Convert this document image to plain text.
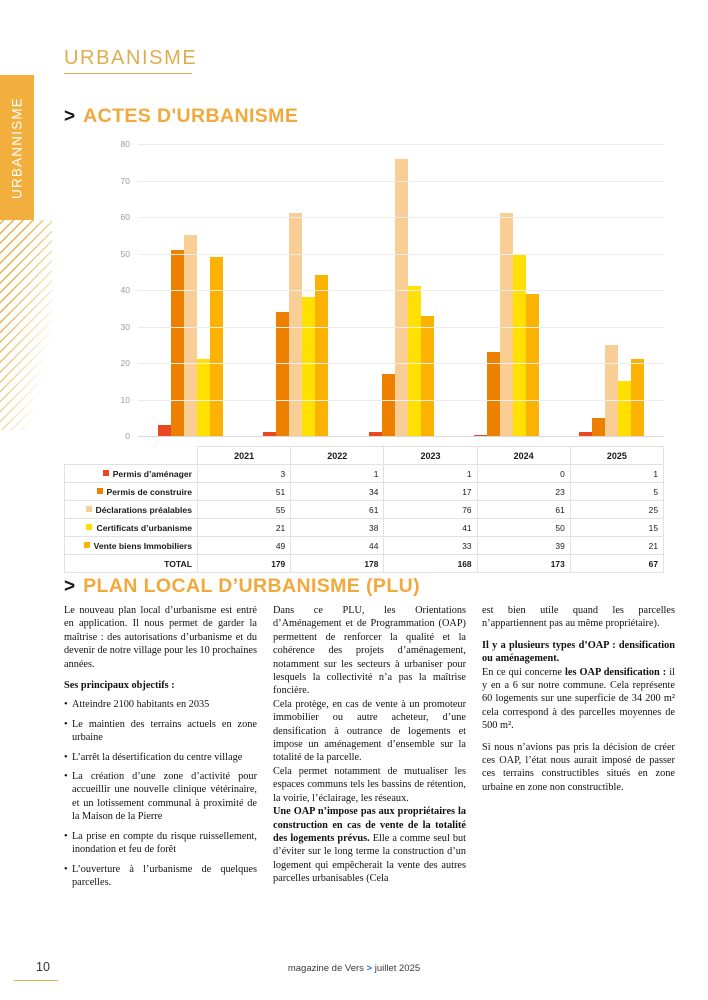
URBANNISME
URBANISME
> ACTES D'URBANISME
0
10
20
30
40
50
60
70
80
	2021	2022	2023	2024	2025
Permis d’aménager	3	1	1	0	1
Permis de construire	51	34	17	23	5
Déclarations préalables	55	61	76	61	25
Certificats d’urbanisme	21	38	41	50	15
Vente biens Immobiliers	49	44	33	39	21
TOTAL	179	178	168	173	67
> PLAN LOCAL D’URBANISME (PLU)

Le nouveau plan local d’urbanisme est entré en application. Il nous permet de garder la maîtrise : des autorisations d’urbanisme et du devenir de notre village pour les 10 prochaines années.

Ses principaux objectifs :

• Atteindre 2100 habitants en 2035
• Le maintien des terrains actuels en zone urbaine
• L’arrêt la désertification du centre village
• La création d’une zone d’activité pour accueillir une nouvelle clinique vétérinaire, et un lotissement communal à proximité de la Maison de la Pierre
• La prise en compte du risque ruissellement, inondation et feu de forêt
• L’ouverture à l’urbanisme de quelques parcelles.

Dans ce PLU, les Orientations d’Aménagement et de Programmation (OAP) permettent de renforcer la qualité et la cohérence des projets d’aménagement, notamment sur les secteurs à urbaniser pour lesquels la collectivité n’a pas la maîtrise foncière.

Cela protège, en cas de vente à un promoteur immobilier ou autre acheteur, d’une densification à outrance de logements et impose un aménagement d’ensemble sur la totalité de la parcelle.

Cela permet notamment de mutualiser les espaces communs tels les bassins de rétention, la voirie, l’éclairage, les réseaux.

Une OAP n’impose pas aux propriétaires la construction en cas de vente de la totalité des logements prévus. Elle a comme seul but d’éviter sur le long terme la construction d’un logement qui empêcherait la vente des autres parcelles urbanisables (Cela

est bien utile quand les parcelles n’appartiennent pas au même propriétaire).

Il y a plusieurs types d’OAP : densification ou aménagement.

En ce qui concerne les OAP densification : il y en a 6 sur notre commune. Cela représente 60 logements sur une superficie de 34 200 m² cela correspond à des parcelles moyennes de 500 m².

Si nous n’avions pas pris la décision de créer ces OAP, l’état nous aurait imposé de passer ces terrains constructibles situés en zone urbaine en zone non constructible.

10	magazine de Vers > juillet 2025
